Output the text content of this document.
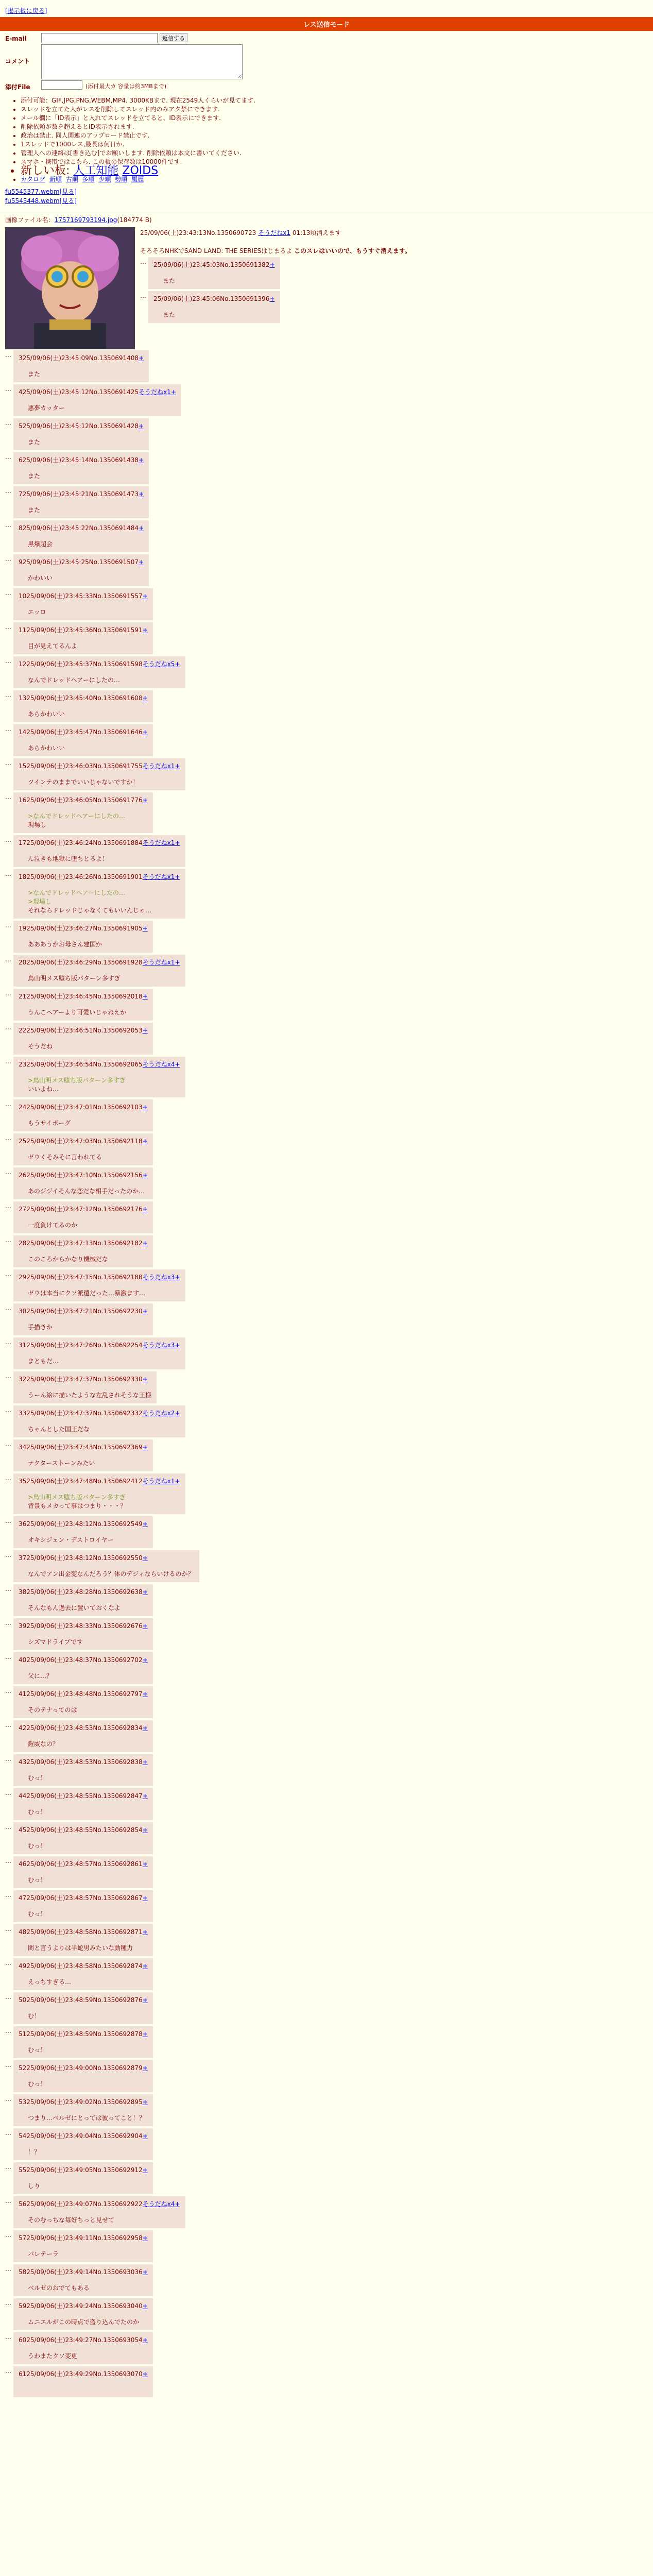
[掲示板に戻る]
レス送信モード
E-mail	返信する
コメント
添付File	(添付最大カ 容量は約3MBまで)
• 添付可能：GIF,JPG,PNG,WEBM,MP4. 3000KBまで. 現在2549人くらいが見てます.
• スレッドを立てた人がレスを削除してスレッド内のみアク禁にできます.
• メール欄に「ID表示」と入れてスレッドを立てると、ID表示にできます.
• 削除依頼が数を超えるとID表示されます.
• 政治は禁止. 同人関連のアップロード禁止です.
• 1スレッドで1000レス,最長は何日か.
• 管理人への連絡は[書き込む]でお願いします. 削除依頼は本文に書いてください.
• スマホ・携帯ではこちら. この板の保存数は10000件です.
• 新しい板: 人工知能 ZOIDS
• カタログ 新順 古順 多順 少順 勢順 履歴
fu5545377.webm[見る]
fu5545448.webm[見る]
画像ファイル名：1757169793194.jpg(184774 B)
25/09/06(土)23:43:13No.1350690723 そうだねx1 01:13頃消えます
そろそろNHKでSAND LAND: THE SERIESはじまるよ このスレはいいので、もうすぐ消えます。
…	25/09/06(土)23:45:03No.1350691382+
また
…	25/09/06(土)23:45:06No.1350691396+
また
…	325/09/06(土)23:45:09No.1350691408+
また
…	425/09/06(土)23:45:12No.1350691425そうだねx1+
悪夢カッター
…	525/09/06(土)23:45:12No.1350691428+
また
…	625/09/06(土)23:45:14No.1350691438+
また
…	725/09/06(土)23:45:21No.1350691473+
また
…	825/09/06(土)23:45:22No.1350691484+
黒爆超会
…	925/09/06(土)23:45:25No.1350691507+
かわいい
…	1025/09/06(土)23:45:33No.1350691557+
エッロ
…	1125/09/06(土)23:45:36No.1350691591+
目が見えてるんよ
…	1225/09/06(土)23:45:37No.1350691598そうだねx5+
なんでドレッドヘアーにしたの…
…	1325/09/06(土)23:45:40No.1350691608+
あらかわいい
…	1425/09/06(土)23:45:47No.1350691646+
あらかわいい
…	1525/09/06(土)23:46:03No.1350691755そうだねx1+
ツインテのままでいいじゃないですか！
…	1625/09/06(土)23:46:05No.1350691776+
>なんでドレッドヘアーにしたの…
現場し
…	1725/09/06(土)23:46:24No.1350691884そうだねx1+
ん泣きも地獄に堕ちとるよ！
…	1825/09/06(土)23:46:26No.1350691901そうだねx1+
>なんでドレッドヘアーにしたの…
>現場し
それならドレッドじゃなくてもいいんじゃ…
…	1925/09/06(土)23:46:27No.1350691905+
あああうかお母さん建国か
…	2025/09/06(土)23:46:29No.1350691928そうだねx1+
鳥山明メス堕ち版パターン多すぎ
…	2125/09/06(土)23:46:45No.1350692018+
うんこヘアーより可愛いじゃねえか
…	2225/09/06(土)23:46:51No.1350692053+
そうだね
…	2325/09/06(土)23:46:54No.1350692065そうだねx4+
>鳥山明メス堕ち版パターン多すぎ
いいよね…
…	2425/09/06(土)23:47:01No.1350692103+
もうサイボーグ
…	2525/09/06(土)23:47:03No.1350692118+
ゼウくそみそに言われてる
…	2625/09/06(土)23:47:10No.1350692156+
あのジジイそんな恋だな相手だったのか…
…	2725/09/06(土)23:47:12No.1350692176+
一度負けてるのか
…	2825/09/06(土)23:47:13No.1350692182+
このころからかなり機械だな
…	2925/09/06(土)23:47:15No.1350692188そうだねx3+
ゼウは本当にクソ派遣だった…暴激ます…
…	3025/09/06(土)23:47:21No.1350692230+
手描きか
…	3125/09/06(土)23:47:26No.1350692254そうだねx3+
まともだ…
…	3225/09/06(土)23:47:37No.1350692330+
うーん絵に描いたような左乱されそうな王様
…	3325/09/06(土)23:47:37No.1350692332そうだねx2+
ちゃんとした国王だな
…	3425/09/06(土)23:47:43No.1350692369+
ナクターストーンみたい
…	3525/09/06(土)23:47:48No.1350692412そうだねx1+
>鳥山明メス堕ち版パターン多すぎ
背景もメカって事はつまり・・・？
…	3625/09/06(土)23:48:12No.1350692549+
オキシジェン・デストロイヤー
…	3725/09/06(土)23:48:12No.1350692550+
なんでアン出金変なんだろう？体のデジィならいけるのか？
…	3825/09/06(土)23:48:28No.1350692638+
そんなもん過去に置いておくなよ
…	3925/09/06(土)23:48:33No.1350692676+
シズマドライブです
…	4025/09/06(土)23:48:37No.1350692702+
父に…？
…	4125/09/06(土)23:48:48No.1350692797+
そのテナってのは
…	4225/09/06(土)23:48:53No.1350692834+
鎧威なの？
…	4325/09/06(土)23:48:53No.1350692838+
むっ！
…	4425/09/06(土)23:48:55No.1350692847+
むっ！
…	4525/09/06(土)23:48:55No.1350692854+
むっ！
…	4625/09/06(土)23:48:57No.1350692861+
むっ！
…	4725/09/06(土)23:48:57No.1350692867+
むっ！
…	4825/09/06(土)23:48:58No.1350692871+
関と言うよりは半蛇男みたいな動種力
…	4925/09/06(土)23:48:58No.1350692874+
えっちすぎる…
…	5025/09/06(土)23:48:59No.1350692876+
む！
…	5125/09/06(土)23:48:59No.1350692878+
むっ！
…	5225/09/06(土)23:49:00No.1350692879+
むっ！
…	5325/09/06(土)23:49:02No.1350692895+
つまり…ベルゼにとっては彼ってこと！？
…	5425/09/06(土)23:49:04No.1350692904+
！？
…	5525/09/06(土)23:49:05No.1350692912+
しり
…	5625/09/06(土)23:49:07No.1350692922そうだねx4+
そのむっちな毎好ちっと見せて
…	5725/09/06(土)23:49:11No.1350692958+
パレテーラ
…	5825/09/06(土)23:49:14No.1350693036+
ベルゼのおでてもある
…	5925/09/06(土)23:49:24No.1350693040+
ムニエルがこの時点で盗り込んでたのか
…	6025/09/06(土)23:49:27No.1350693054+
うわまたクソ変更
…	6125/09/06(土)23:49:29No.1350693070+
